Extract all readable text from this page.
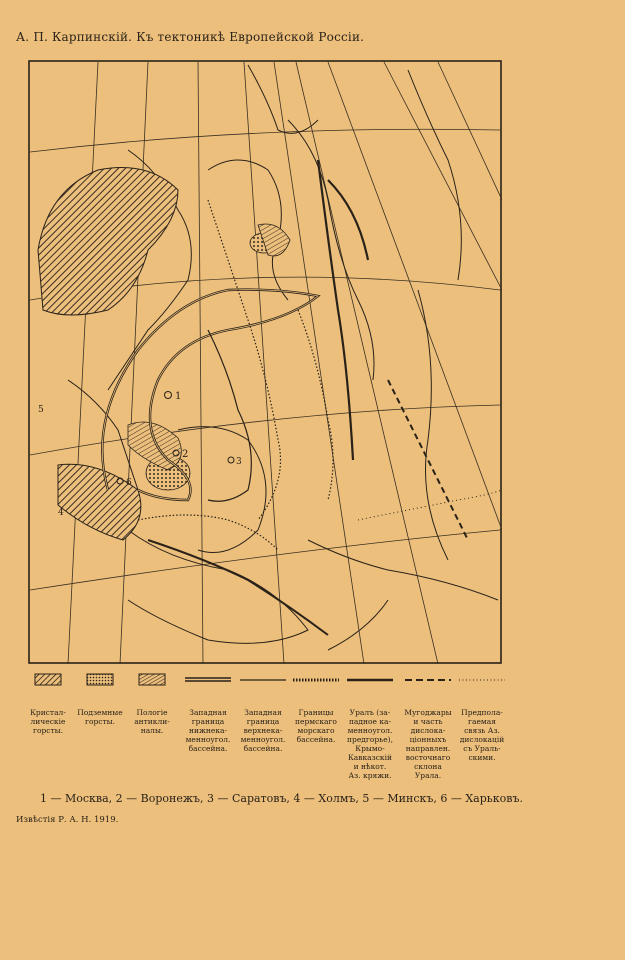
А. П. Карпинскій. Къ тектоникѣ Европейской Россіи.
1
2
3
5
6
4
Кристал-
лическіе
горсты.
Подземные
горсты.
Пологіе
антикли-
налы.
Западная
граница
нижнека-
менноугол.
бассейна.
Западная
граница
верхнека-
менноугол.
бассейна.
Границы
пермскаго
морскаго
бассейна.
Уралъ (за-
падное ка-
менноугол.
предгорье),
Крымо-
Кавказскій
и нѣкот.
Аз. кряжи.
Мугоджары
и часть
дислока-
ціонныхъ
направлен.
восточнаго
склона
Урала.
Предпола-
гаемая
связь Аз.
дислокацій
съ Ураль-
скими.
1 — Москва, 2 — Воронежъ, 3 — Саратовъ, 4 — Холмъ, 5 — Минскъ, 6 — Харьковъ.
Извѣстія Р. А. Н. 1919.
